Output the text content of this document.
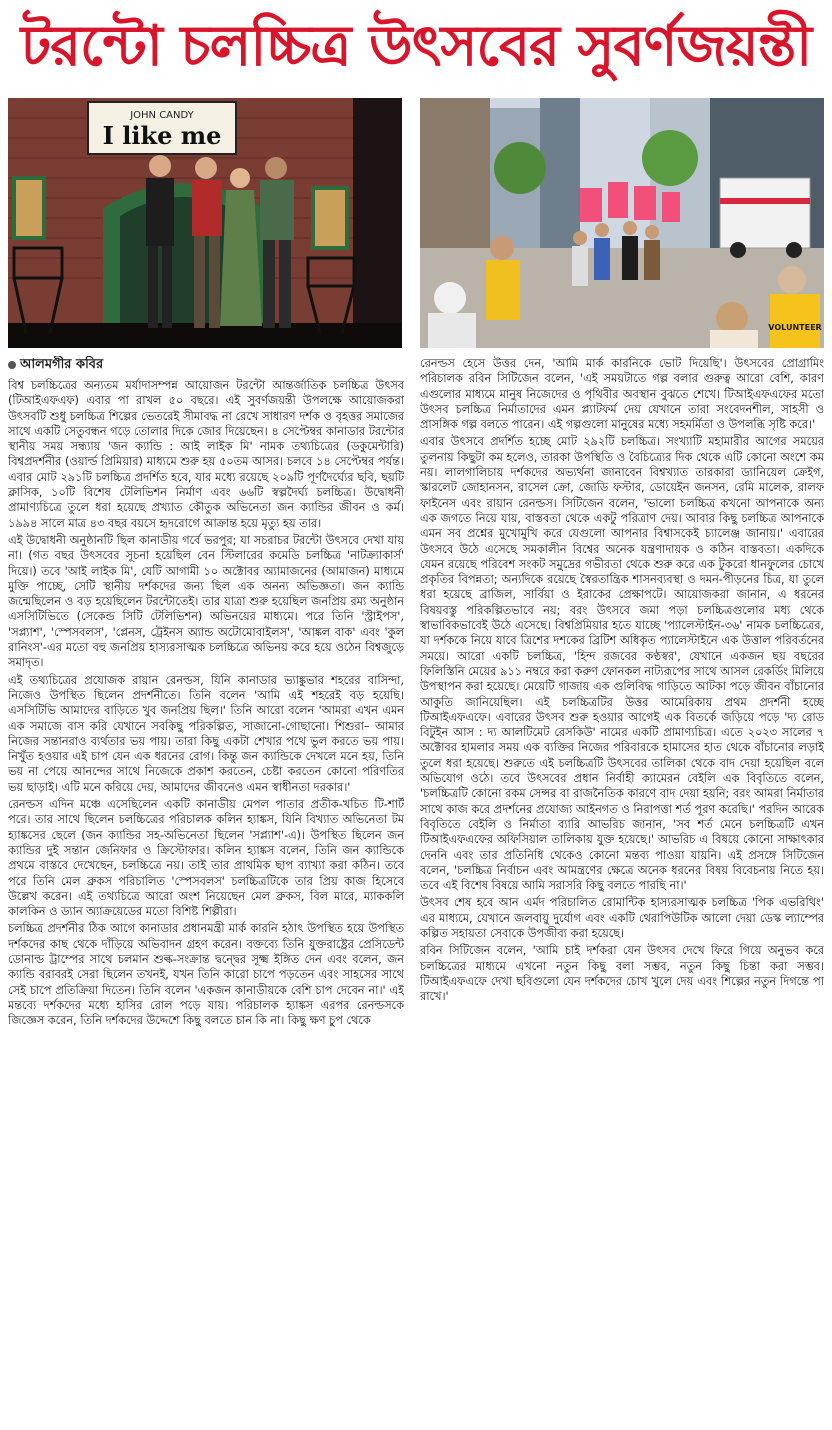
টরন্টো চলচ্চিত্র উৎসবের সুবর্ণজয়ন্তী
JOHN CANDY
I like me
VOLUNTEER
আলমগীর কবির

বিশ্ব চলচ্চিত্রের অন্যতম মর্যাদাসম্পন্ন আয়োজন টরন্টো আন্তর্জাতিক চলচ্চিত্র উৎসব (টিআইএফএফ) এবার পা রাখল ৫০ বছরে। এই সুবর্ণজয়ন্তী উপলক্ষে আয়োজকরা উৎসবটি শুধু চলচ্চিত্র শিল্পের ভেতরেই সীমাবদ্ধ না রেখে সাধারণ দর্শক ও বৃহত্তর সমাজের সাথে একটি সেতুবন্ধন গড়ে তোলার দিকে জোর দিয়েছেন। ৪ সেপ্টেম্বর কানাডার টরন্টোর স্থানীয় সময় সন্ধ্যায় 'জন ক্যান্ডি : আই লাইক মি' নামক তথ্যচিত্রের (ডকুমেন্টারি) বিশ্বপ্রদর্শনীর (ওয়ার্ল্ড প্রিমিয়ার) মাধ্যমে শুরু হয় ৫০তম আসর। চলবে ১৪ সেপ্টেম্বর পর্যন্ত। এবার মোট ২৯১টি চলচ্চিত্র প্রদর্শিত হবে, যার মধ্যে রয়েছে ২০৯টি পূর্ণদৈর্ঘ্যের ছবি, ছয়টি ক্লাসিক, ১০টি বিশেষ টেলিভিশন নির্মাণ এবং ৬৬টি স্বল্পদৈর্ঘ্য চলচ্চিত্র। উদ্বোধনী প্রামাণ্যচিত্রে তুলে ধরা হয়েছে প্রখ্যাত কৌতুক অভিনেতা জন ক্যান্ডির জীবন ও কর্ম। ১৯৯৪ সালে মাত্র ৪৩ বছর বয়সে হৃদরোগে আক্রান্ত হয়ে মৃত্যু হয় তার।

এই উদ্বোধনী অনুষ্ঠানটি ছিল কানাডীয় গর্বে ভরপুর; যা সচরাচর টরন্টো উৎসবে দেখা যায় না। (গত বছর উৎসবের সূচনা হয়েছিল বেন স্টিলারের কমেডি চলচ্চিত্র 'নাটক্র্যাকার্স' দিয়ে।) তবে 'আই লাইক মি', যেটি আগামী ১০ অক্টোবর অ্যামাজনের (আমাজন) মাধ্যমে মুক্তি পাচ্ছে, সেটি স্থানীয় দর্শকদের জন্য ছিল এক অনন্য অভিজ্ঞতা। জন ক্যান্ডি জন্মেছিলেন ও বড় হয়েছিলেন টরন্টোতেই। তার যাত্রা শুরু হয়েছিল জনপ্রিয় রম্য অনুষ্ঠান এসসিটিভিতে (সেকেন্ড সিটি টেলিভিশন) অভিনয়ের মাধ্যমে। পরে তিনি 'স্ট্রাইপস', 'সপ্ল্যাশ', 'স্পেসবলস', 'প্লেনস, ট্রেইনস অ্যান্ড অটোমোবাইলস', 'আঙ্কল বাক' এবং 'কুল রানিংস'-এর মতো বহু জনপ্রিয় হাস্যরসাত্মক চলচ্চিত্রে অভিনয় করে হয়ে ওঠেন বিশ্বজুড়ে সমাদৃত।

এই তথ্যচিত্রের প্রযোজক রায়ান রেনল্ডস, যিনি কানাডার ভ্যাঙ্কুভার শহরের বাসিন্দা, নিজেও উপস্থিত ছিলেন প্রদর্শনীতে। তিনি বলেন 'আমি এই শহরেই বড় হয়েছি। এসসিটিভি আমাদের বাড়িতে খুব জনপ্রিয় ছিল।' তিনি আরো বলেন 'আমরা এখন এমন এক সমাজে বাস করি যেখানে সবকিছু পরিকল্পিত, সাজানো-গোছানো। শিশুরা– আমার নিজের সন্তানরাও ব্যর্থতার ভয় পায়। তারা কিছু একটা শেখার পথে ভুল করতে ভয় পায়। নিখুঁত হওয়ার এই চাপ যেন এক ধরনের রোগ। কিন্তু জন ক্যান্ডিকে দেখলে মনে হয়, তিনি ভয় না পেয়ে আনন্দের সাথে নিজেকে প্রকাশ করতেন, চেষ্টা করতেন কোনো পরিণতির ভয় ছাড়াই। এটি মনে করিয়ে দেয়, আমাদের জীবনেও এমন স্বাধীনতা দরকার।'

রেনল্ডস এদিন মঞ্চে এসেছিলেন একটি কানাডীয় মেপল পাতার প্রতীক-খচিত টি-শার্ট পরে। তার সাথে ছিলেন চলচ্চিত্রের পরিচালক কলিন হ্যাঙ্কস, যিনি বিখ্যাত অভিনেতা টম হ্যাঙ্কসের ছেলে (জন ক্যান্ডির সহ-অভিনেতা ছিলেন 'সপ্ল্যাশ'-এ)। উপস্থিত ছিলেন জন ক্যান্ডির দুই সন্তান জেনিফার ও ক্রিস্টোফার। কলিন হ্যাঙ্কস বলেন, তিনি জন ক্যান্ডিকে প্রথমে বাস্তবে দেখেছেন, চলচ্চিত্রে নয়। তাই তার প্রাথমিক ছাপ ব্যাখ্যা করা কঠিন। তবে পরে তিনি মেল ব্রুকস পরিচালিত 'স্পেসবলস' চলচ্চিত্রটিকে তার প্রিয় কাজ হিসেবে উল্লেখ করেন। এই তথ্যচিত্রে আরো অংশ নিয়েছেন মেল ব্রুকস, বিল মারে, ম্যাককলি কালকিন ও ড্যান অ্যাক্রয়েডের মতো বিশিষ্ট শিল্পীরা।

চলচ্চিত্র প্রদর্শনীর ঠিক আগে কানাডার প্রধানমন্ত্রী মার্ক কারনি হঠাৎ উপস্থিত হয়ে উপস্থিত দর্শকদের কাছ থেকে দাঁড়িয়ে অভিবাদন গ্রহণ করেন। বক্তব্যে তিনি যুক্তরাষ্ট্রের প্রেসিডেন্ট ডোনাল্ড ট্রাম্পের সাথে চলমান শুল্ক-সংক্রান্ত দ্বন্দ্বের সূক্ষ্ম ইঙ্গিত দেন এবং বলেন, জন ক্যান্ডি বরাবরই সেরা ছিলেন তখনই, যখন তিনি কারো চাপে পড়তেন এবং সাহসের সাথে সেই চাপে প্রতিক্রিয়া দিতেন। তিনি বলেন 'একজন কানাডীয়কে বেশি চাপ দেবেন না।' এই মন্তব্যে দর্শকদের মধ্যে হাসির রোল পড়ে যায়। পরিচালক হ্যাঙ্কস এরপর রেনল্ডসকে জিজ্ঞেস করেন, তিনি দর্শকদের উদ্দেশে কিছু বলতে চান কি না। কিছু ক্ষণ চুপ থেকে

রেনল্ডস হেসে উত্তর দেন, 'আমি মার্ক কারনিকে ভোট দিয়েছি'। উৎসবের প্রোগ্রামিং পরিচালক রবিন সিটিজেন বলেন, 'এই সময়টাতে গল্প বলার গুরুত্ব আরো বেশি, কারণ এগুলোর মাধ্যমে মানুষ নিজেদের ও পৃথিবীর অবস্থান বুঝতে শেখে। টিআইএফএফের মতো উৎসব চলচ্চিত্র নির্মাতাদের এমন প্ল্যাটফর্ম দেয় যেখানে তারা সংবেদনশীল, সাহসী ও প্রাসঙ্গিক গল্প বলতে পারেন। এই গল্পগুলো মানুষের মধ্যে সহমর্মিতা ও উপলব্ধি সৃষ্টি করে।'

এবার উৎসবে প্রদর্শিত হচ্ছে মোট ২৯২টি চলচ্চিত্র। সংখ্যাটি মহামারীর আগের সময়ের তুলনায় কিছুটা কম হলেও, তারকা উপস্থিতি ও বৈচিত্র্যের দিক থেকে এটি কোনো অংশে কম নয়। লালগালিচায় দর্শকদের অভ্যর্থনা জানাবেন বিশ্বখ্যাত তারকারা ড্যানিয়েল ক্রেইগ, স্কারলেট জোহানসন, রাসেল ক্রো, জোডি ফস্টার, ডোয়েইন জনসন, রেমি মালেক, রালফ ফাইনেস এবং রায়ান রেনল্ডস। সিটিজেন বলেন, 'ভালো চলচ্চিত্র কখনো আপনাকে অন্য এক জগতে নিয়ে যায়, বাস্তবতা থেকে একটু পরিত্রাণ দেয়। আবার কিছু চলচ্চিত্র আপনাকে এমন সব প্রশ্নের মুখোমুখি করে যেগুলো আপনার বিশ্বাসকেই চ্যালেঞ্জ জানায়।' এবারের উৎসবে উঠে এসেছে সমকালীন বিশ্বের অনেক যন্ত্রণাদায়ক ও কঠিন বাস্তবতা। একদিকে যেমন রয়েছে পরিবেশ সংকট সমুদ্রের গভীরতা থেকে শুরু করে এক টুকরো ধানফুলের চোখে প্রকৃতির বিপন্নতা; অন্যদিকে রয়েছে স্বৈরতান্ত্রিক শাসনব্যবস্থা ও দমন-পীড়নের চিত্র, যা তুলে ধরা হয়েছে ব্রাজিল, সার্বিয়া ও ইরাকের প্রেক্ষাপটে। আয়োজকরা জানান, এ ধরনের বিষয়বস্তু পরিকল্পিতভাবে নয়; বরং উৎসবে জমা পড়া চলচ্চিত্রগুলোর মধ্য থেকে স্বাভাবিকভাবেই উঠে এসেছে। বিশ্বপ্রিমিয়ার হতে যাচ্ছে 'প্যালেস্টাইন-৩৬' নামক চলচ্চিত্রের, যা দর্শককে নিয়ে যাবে ত্রিশের দশকের ব্রিটিশ অধিকৃত প্যালেস্টাইনে এক উত্তাল পরিবর্তনের সময়ে। আরো একটি চলচ্চিত্র, 'হিন্দ রজবের কণ্ঠস্বর', যেখানে একজন ছয় বছরের ফিলিস্তিনি মেয়ের ৯১১ নম্বরে করা করুণ ফোনকল নাট্যরূপের সাথে আসল রেকর্ডিং মিলিয়ে উপস্থাপন করা হয়েছে। মেয়েটি গাজায় এক গুলিবিদ্ধ গাড়িতে আটকা পড়ে জীবন বাঁচানোর আকুতি জানিয়েছিল। এই চলচ্চিত্রটির উত্তর আমেরিকায় প্রথম প্রদর্শনী হচ্ছে টিআইএফএফে। এবারের উৎসব শুরু হওয়ার আগেই এক বিতর্কে জড়িয়ে পড়ে 'দ্য রোড বিটুইন আস : দ্য আলটিমেট রেসকিউ' নামের একটি প্রামাণ্যচিত্র। এতে ২০২৩ সালের ৭ অক্টোবর হামলার সময় এক ব্যক্তির নিজের পরিবারকে হামাসের হাত থেকে বাঁচানোর লড়াই তুলে ধরা হয়েছে। শুরুতে এই চলচ্চিত্রটি উৎসবের তালিকা থেকে বাদ দেয়া হয়েছিল বলে অভিযোগ ওঠে। তবে উৎসবের প্রধান নির্বাহী ক্যামেরন বেইলি এক বিবৃতিতে বলেন, 'চলচ্চিত্রটি কোনো রকম সেন্সর বা রাজনৈতিক কারণে বাদ দেয়া হয়নি; বরং আমরা নির্মাতার সাথে কাজ করে প্রদর্শনের প্রযোজ্য আইনগত ও নিরাপত্তা শর্ত পূরণ করেছি।' পরদিন আরেক বিবৃতিতে বেইলি ও নির্মাতা ব্যারি আভরিচ জানান, 'সব শর্ত মেনে চলচ্চিত্রটি এখন টিআইএফএফের অফিসিয়াল তালিকায় যুক্ত হয়েছে।' আভরিচ এ বিষয়ে কোনো সাক্ষাৎকার দেননি এবং তার প্রতিনিধি থেকেও কোনো মন্তব্য পাওয়া যায়নি। এই প্রসঙ্গে সিটিজেন বলেন, 'চলচ্চিত্র নির্বাচন এবং আমন্ত্রণের ক্ষেত্রে অনেক ধরনের বিষয় বিবেচনায় নিতে হয়। তবে এই বিশেষ বিষয়ে আমি সরাসরি কিছু বলতে পারছি না।'

উৎসব শেষ হবে আন এর্মদ পরিচালিত রোমান্টিক হাস্যরসাত্মক চলচ্চিত্র 'পিক এভরিথিং' এর মাধ্যমে, যেখানে জলবায়ু দুর্যোগ এবং একটি থেরাপিউটিক আলো দেয়া ডেস্ক ল্যাম্পের কল্পিত সহায়তা সেবাকে উপজীব্য করা হয়েছে।

রবিন সিটিজেন বলেন, 'আমি চাই দর্শকরা যেন উৎসব দেখে ফিরে গিয়ে অনুভব করে চলচ্চিত্রের মাধ্যমে এখনো নতুন কিছু বলা সম্ভব, নতুন কিছু চিন্তা করা সম্ভব। টিআইএফএফে দেখা ছবিগুলো যেন দর্শকদের চোখ খুলে দেয় এবং শিল্পের নতুন দিগন্তে পা রাখে।'
